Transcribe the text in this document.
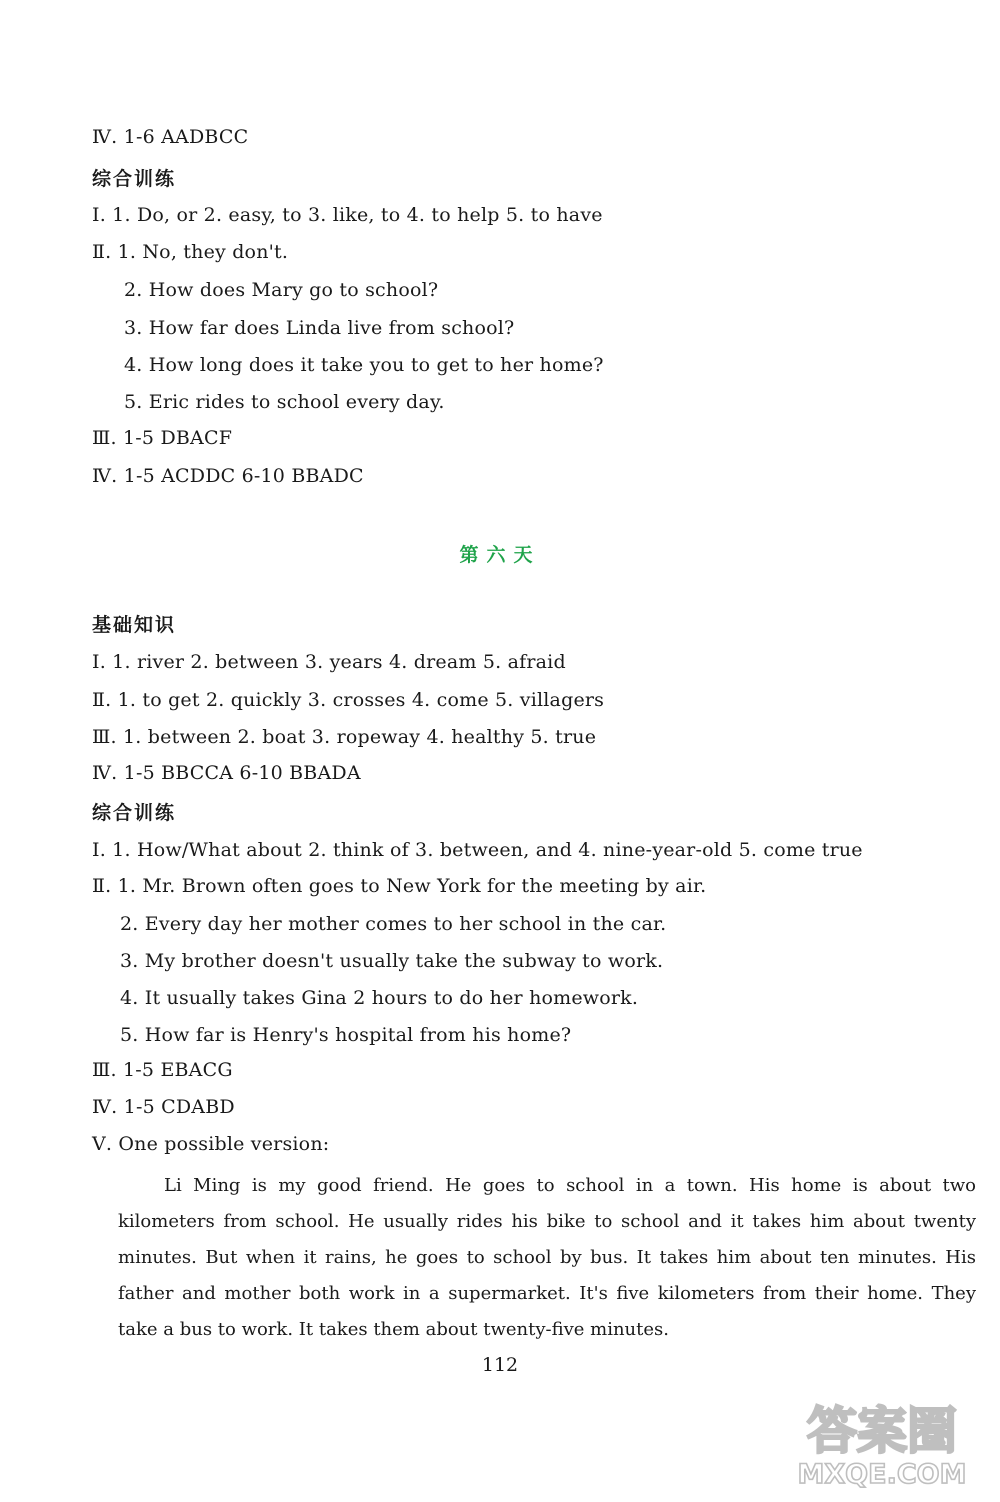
Ⅳ. 1-6 AADBCC
综合训练
Ⅰ. 1. Do, or 2. easy, to 3. like, to 4. to help 5. to have
Ⅱ. 1. No, they don't.
2. How does Mary go to school?
3. How far does Linda live from school?
4. How long does it take you to get to her home?
5. Eric rides to school every day.
Ⅲ. 1-5 DBACF
Ⅳ. 1-5 ACDDC 6-10 BBADC
第六天
基础知识
Ⅰ. 1. river 2. between 3. years 4. dream 5. afraid
Ⅱ. 1. to get 2. quickly 3. crosses 4. come 5. villagers
Ⅲ. 1. between 2. boat 3. ropeway 4. healthy 5. true
Ⅳ. 1-5 BBCCA 6-10 BBADA
综合训练
Ⅰ. 1. How/What about 2. think of 3. between, and 4. nine-year-old 5. come true
Ⅱ. 1. Mr. Brown often goes to New York for the meeting by air.
2. Every day her mother comes to her school in the car.
3. My brother doesn't usually take the subway to work.
4. It usually takes Gina 2 hours to do her homework.
5. How far is Henry's hospital from his home?
Ⅲ. 1-5 EBACG
Ⅳ. 1-5 CDABD
Ⅴ. One possible version:

Li Ming is my good friend. He goes to school in a town. His home is about two kilometers from school. He usually rides his bike to school and it takes him about twenty minutes. But when it rains, he goes to school by bus. It takes him about ten minutes. His father and mother both work in a supermarket. It's five kilometers from their home. They take a bus to work. It takes them about twenty-five minutes.

112
答案圈
MXQE.COM
